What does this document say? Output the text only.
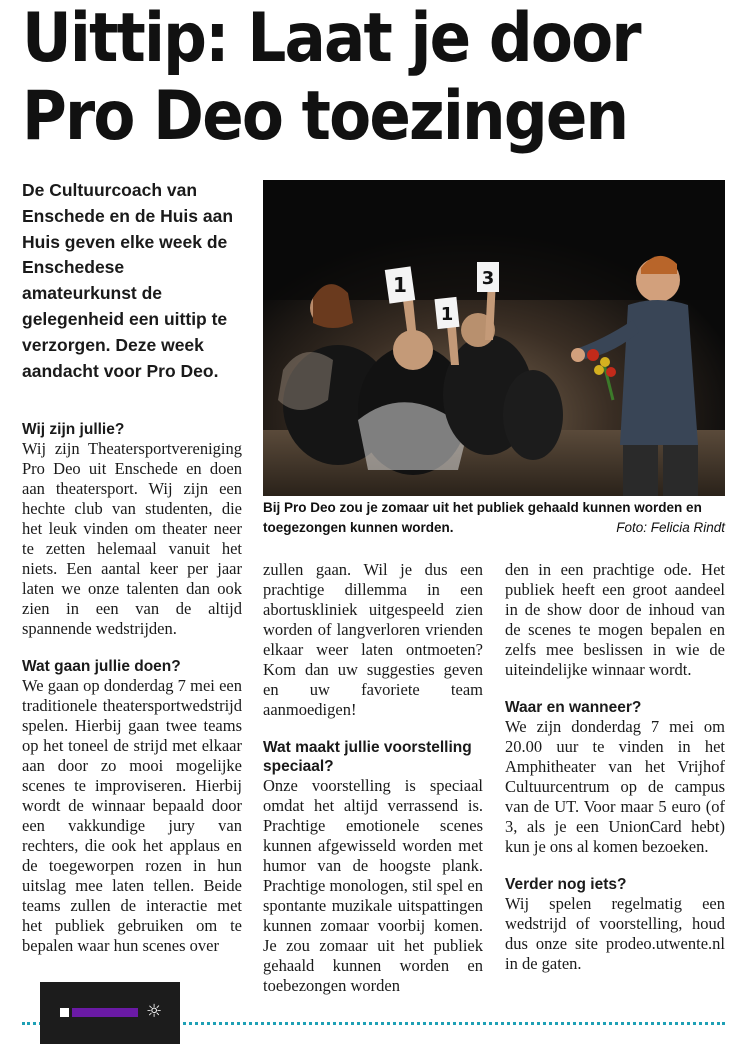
Uittip: Laat je door
Pro Deo toezingen
De Cultuurcoach van Enschede en de Huis aan Huis geven elke week de Enschedese amateurkunst de gelegenheid een uittip te verzorgen. Deze week aandacht voor Pro Deo.
1
1
3
Bij Pro Deo zou je zomaar uit het publiek gehaald kunnen worden en toegezongen kunnen worden.	Foto: Felicia Rindt
Wij zijn jullie?

Wij zijn Theatersportvereniging Pro Deo uit Enschede en doen aan theatersport. Wij zijn een hechte club van studenten, die het leuk vinden om theater neer te zetten helemaal vanuit het niets. Een aantal keer per jaar laten we onze talenten dan ook zien in een van de altijd spannende wedstrijden.

Wat gaan jullie doen?

We gaan op donderdag 7 mei een traditionele theatersportwedstrijd spelen. Hierbij gaan twee teams op het toneel de strijd met elkaar aan door zo mooi mogelijke scenes te improviseren. Hierbij wordt de winnaar bepaald door een vakkundige jury van rechters, die ook het applaus en de toegeworpen rozen in hun uitslag mee laten tellen. Beide teams zullen de interactie met het publiek gebruiken om te bepalen waar hun scenes over

zullen gaan. Wil je dus een prachtige dillemma in een abortuskliniek uitgespeeld zien worden of langverloren vrienden elkaar weer laten ontmoeten? Kom dan uw suggesties geven en uw favoriete team aanmoedigen!

Wat maakt jullie voorstelling speciaal?

Onze voorstelling is speciaal omdat het altijd verrassend is. Prachtige emotionele scenes kunnen afgewisseld worden met humor van de hoogste plank. Prachtige monologen, stil spel en spontante muzikale uitspattingen kunnen zomaar voorbij komen. Je zou zomaar uit het publiek gehaald kunnen worden en toebezongen worden

den in een prachtige ode. Het publiek heeft een groot aandeel in de show door de inhoud van de scenes te mogen bepalen en zelfs mee beslissen in wie de uiteindelijke winnaar wordt.

Waar en wanneer?

We zijn donderdag 7 mei om 20.00 uur te vinden in het Amphitheater van het Vrijhof Cultuurcentrum op de campus van de UT. Voor maar 5 euro (of 3, als je een UnionCard hebt) kun je ons al komen bezoeken.

Verder nog iets?

Wij spelen regelmatig een wedstrijd of voorstelling, houd dus onze site prodeo.utwente.nl in de gaten.

☼
